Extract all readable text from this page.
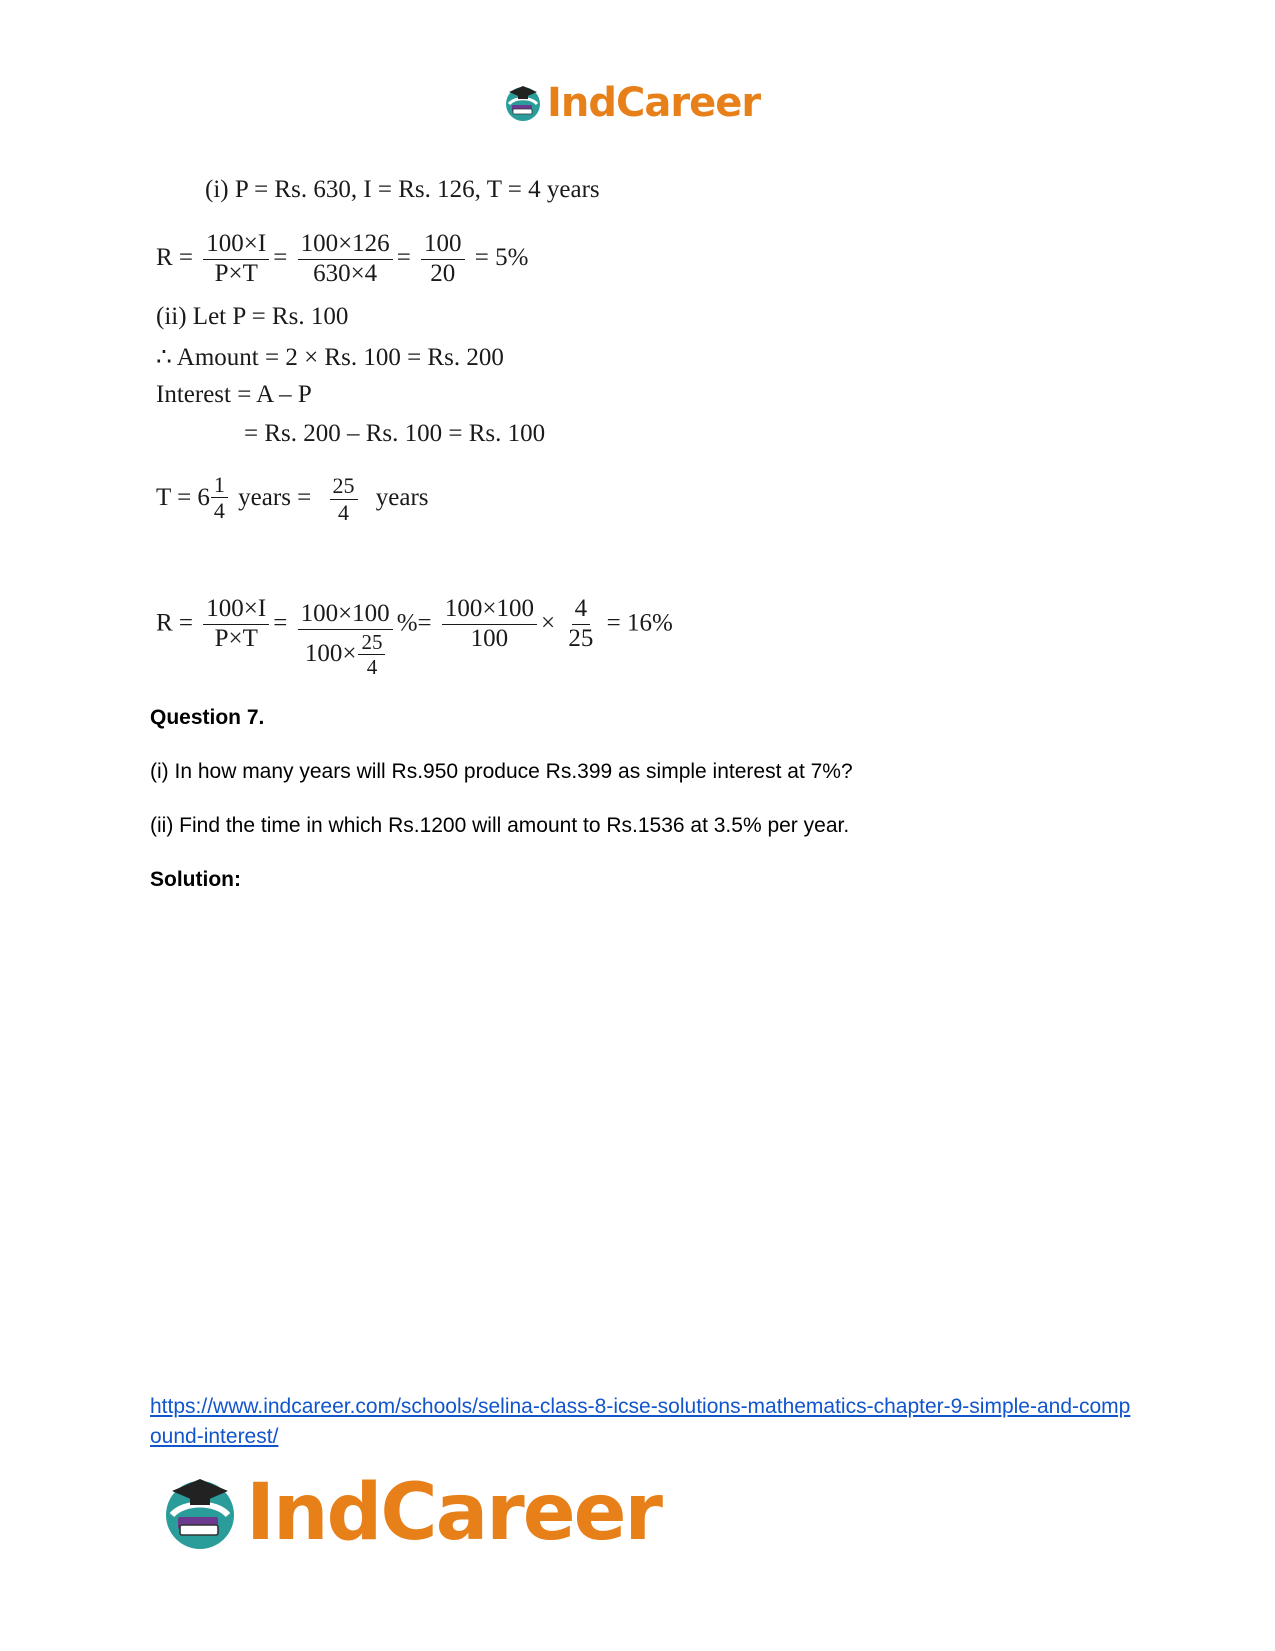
IndCareer
(i) P = Rs. 630, I = Rs. 126, T = 4 years
$R = \frac{100\times I}{P\times T} = \frac{100\times 126}{630\times 4} = \frac{100}{20} = 5\%$
(ii) Let P = Rs. 100
∴ Amount = 2 × Rs. 100 = Rs. 200
Interest = A – P
= Rs. 200 – Rs. 100 = Rs. 100
$T = 6 \frac{1}{4}$ years = $\frac{25}{4}$ years
$R = \frac{100\times I}{P\times T} = \frac{100\times 100}{100\times \frac{25}{4}}$ %= $\frac{100\times 100}{100} \times \frac{4}{25} = 16\%$
Question 7.
(i) In how many years will Rs.950 produce Rs.399 as simple interest at 7%?
(ii) Find the time in which Rs.1200 will amount to Rs.1536 at 3.5% per year.
Solution:
https://www.indcareer.com/schools/selina-class-8-icse-solutions-mathematics-chapter-9-simple-and-compound-interest/
IndCareer
